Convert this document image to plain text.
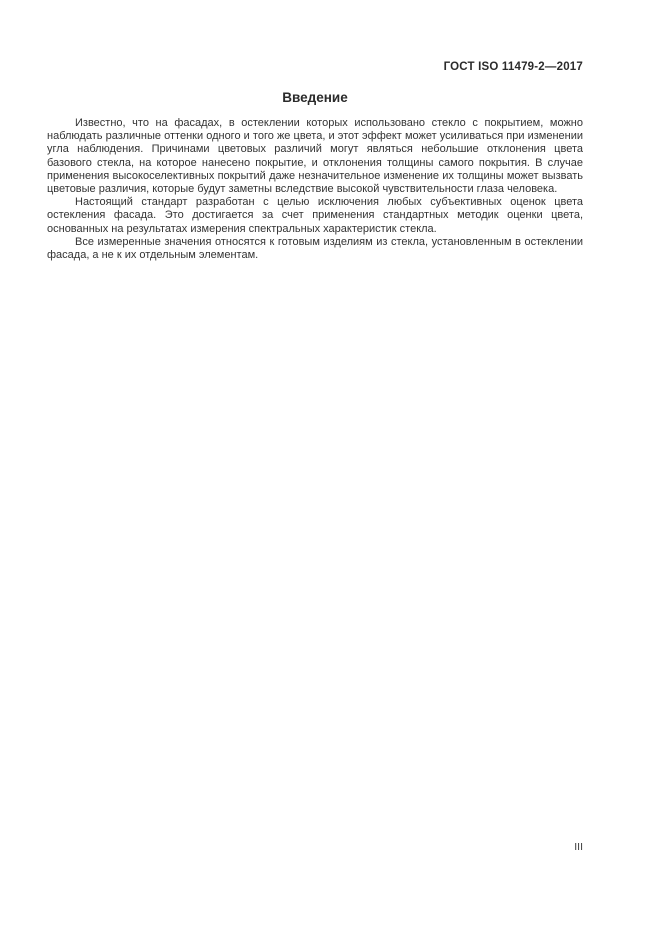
ГОСТ ISO 11479-2—2017
Введение

Известно, что на фасадах, в остеклении которых использовано стекло с покрытием, можно наблюдать различные оттенки одного и того же цвета, и этот эффект может усиливаться при изменении угла наблюдения. Причинами цветовых различий могут являться небольшие отклонения цвета базового стекла, на которое нанесено покрытие, и отклонения толщины самого покрытия. В случае применения высокоселективных покрытий даже незначительное изменение их толщины может вызвать цветовые различия, которые будут заметны вследствие высокой чувствительности глаза человека.

Настоящий стандарт разработан с целью исключения любых субъективных оценок цвета остекления фасада. Это достигается за счет применения стандартных методик оценки цвета, основанных на результатах измерения спектральных характеристик стекла.

Все измеренные значения относятся к готовым изделиям из стекла, установленным в остеклении фасада, а не к их отдельным элементам.

III
